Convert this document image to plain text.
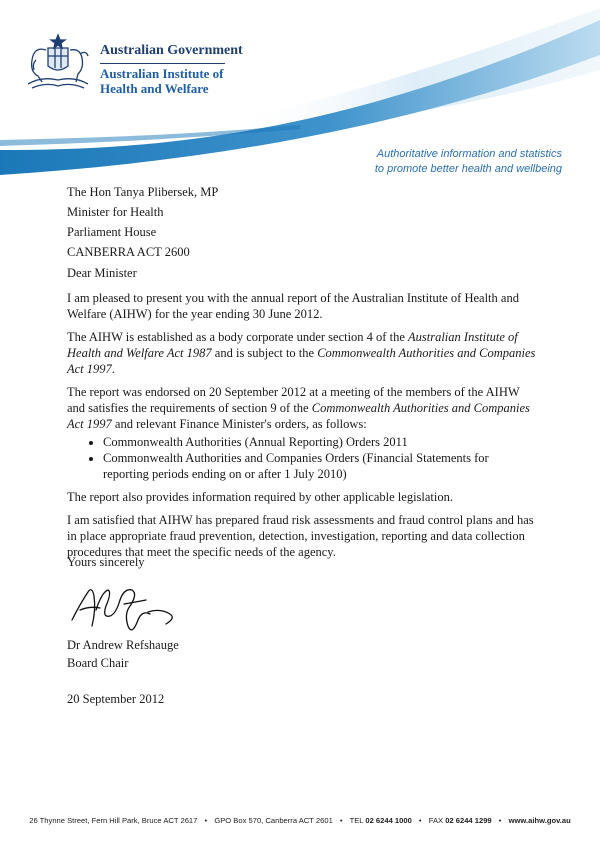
Australian Government
Australian Institute of
Health and Welfare
Authoritative information and statistics
to promote better health and wellbeing
The Hon Tanya Plibersek, MP
Minister for Health
Parliament House
CANBERRA ACT 2600

Dear Minister

I am pleased to present you with the annual report of the Australian Institute of Health and Welfare (AIHW) for the year ending 30 June 2012.

The AIHW is established as a body corporate under section 4 of the Australian Institute of Health and Welfare Act 1987 and is subject to the Commonwealth Authorities and Companies Act 1997.

The report was endorsed on 20 September 2012 at a meeting of the members of the AIHW and satisfies the requirements of section 9 of the Commonwealth Authorities and Companies Act 1997 and relevant Finance Minister's orders, as follows:

• Commonwealth Authorities (Annual Reporting) Orders 2011
• Commonwealth Authorities and Companies Orders (Financial Statements for reporting periods ending on or after 1 July 2010)

The report also provides information required by other applicable legislation.

I am satisfied that AIHW has prepared fraud risk assessments and fraud control plans and has in place appropriate fraud prevention, detection, investigation, reporting and data collection procedures that meet the specific needs of the agency.

Yours sincerely
Dr Andrew Refshauge
Board Chair
20 September 2012
26 Thynne Street, Fern Hill Park, Bruce ACT 2617 • GPO Box 570, Canberra ACT 2601 • TEL 02 6244 1000 • FAX 02 6244 1299 • www.aihw.gov.au
